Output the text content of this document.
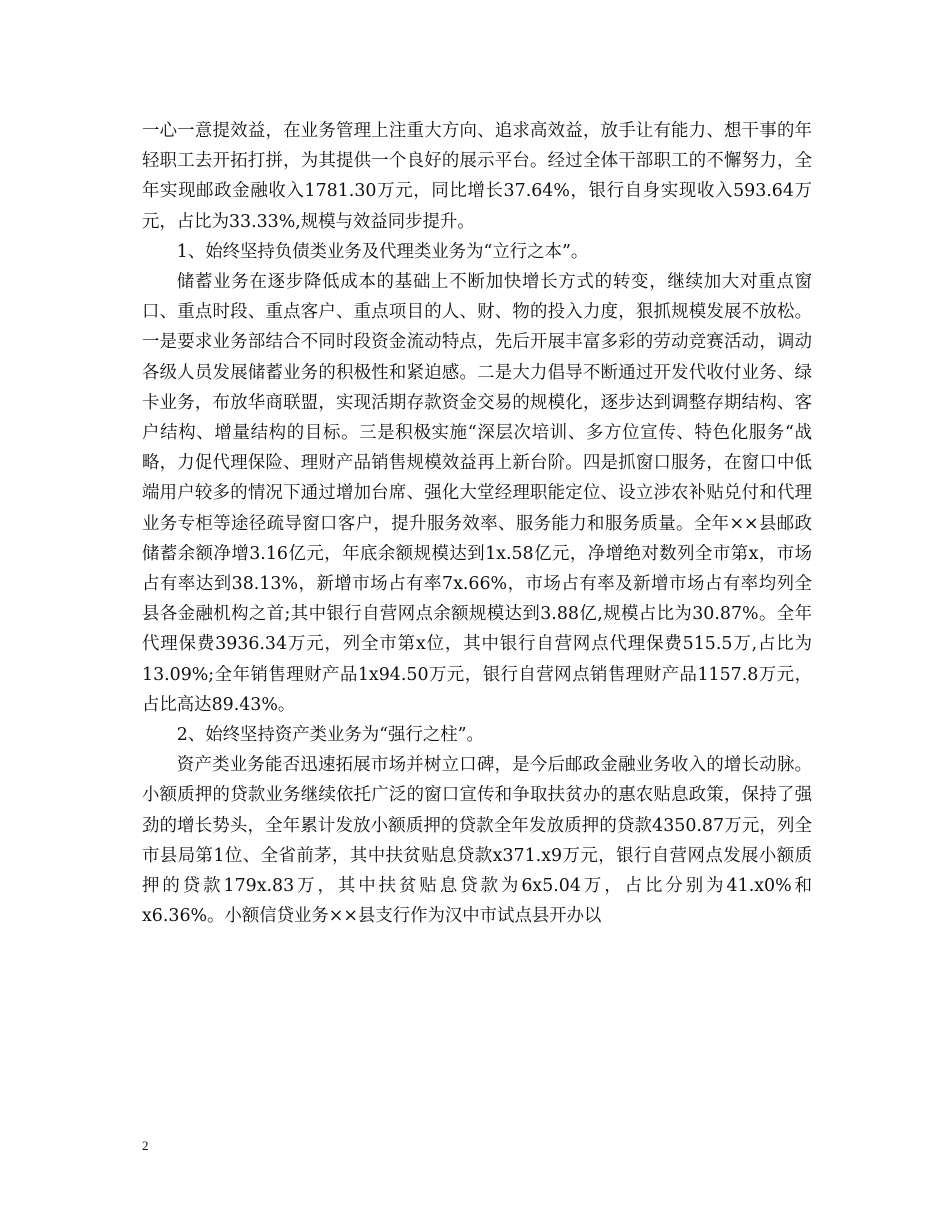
一心一意提效益，在业务管理上注重大方向、追求高效益，放手让有能力、想干事的年轻职工去开拓打拼，为其提供一个良好的展示平台。经过全体干部职工的不懈努力，全年实现邮政金融收入1781.30万元，同比增长37.64%，银行自身实现收入593.64万元，占比为33.33%,规模与效益同步提升。

1、始终坚持负债类业务及代理类业务为“立行之本”。

储蓄业务在逐步降低成本的基础上不断加快增长方式的转变，继续加大对重点窗口、重点时段、重点客户、重点项目的人、财、物的投入力度，狠抓规模发展不放松。一是要求业务部结合不同时段资金流动特点，先后开展丰富多彩的劳动竞赛活动，调动各级人员发展储蓄业务的积极性和紧迫感。二是大力倡导不断通过开发代收付业务、绿卡业务，布放华商联盟，实现活期存款资金交易的规模化，逐步达到调整存期结构、客户结构、增量结构的目标。三是积极实施“深层次培训、多方位宣传、特色化服务“战略，力促代理保险、理财产品销售规模效益再上新台阶。四是抓窗口服务，在窗口中低端用户较多的情况下通过增加台席、强化大堂经理职能定位、设立涉农补贴兑付和代理业务专柜等途径疏导窗口客户，提升服务效率、服务能力和服务质量。全年××县邮政储蓄余额净增3.16亿元，年底余额规模达到1x.58亿元，净增绝对数列全市第x，市场占有率达到38.13%，新增市场占有率7x.66%，市场占有率及新增市场占有率均列全县各金融机构之首;其中银行自营网点余额规模达到3.88亿,规模占比为30.87%。全年代理保费3936.34万元，列全市第x位，其中银行自营网点代理保费515.5万,占比为13.09%;全年销售理财产品1x94.50万元，银行自营网点销售理财产品1157.8万元，占比高达89.43%。

2、始终坚持资产类业务为“强行之柱”。

资产类业务能否迅速拓展市场并树立口碑，是今后邮政金融业务收入的增长动脉。小额质押的贷款业务继续依托广泛的窗口宣传和争取扶贫办的惠农贴息政策，保持了强劲的增长势头，全年累计发放小额质押的贷款全年发放质押的贷款4350.87万元，列全市县局第1位、全省前茅，其中扶贫贴息贷款x371.x9万元，银行自营网点发展小额质押的贷款179x.83万，其中扶贫贴息贷款为6x5.04万，占比分别为41.x0%和x6.36%。小额信贷业务××县支行作为汉中市试点县开办以

2
